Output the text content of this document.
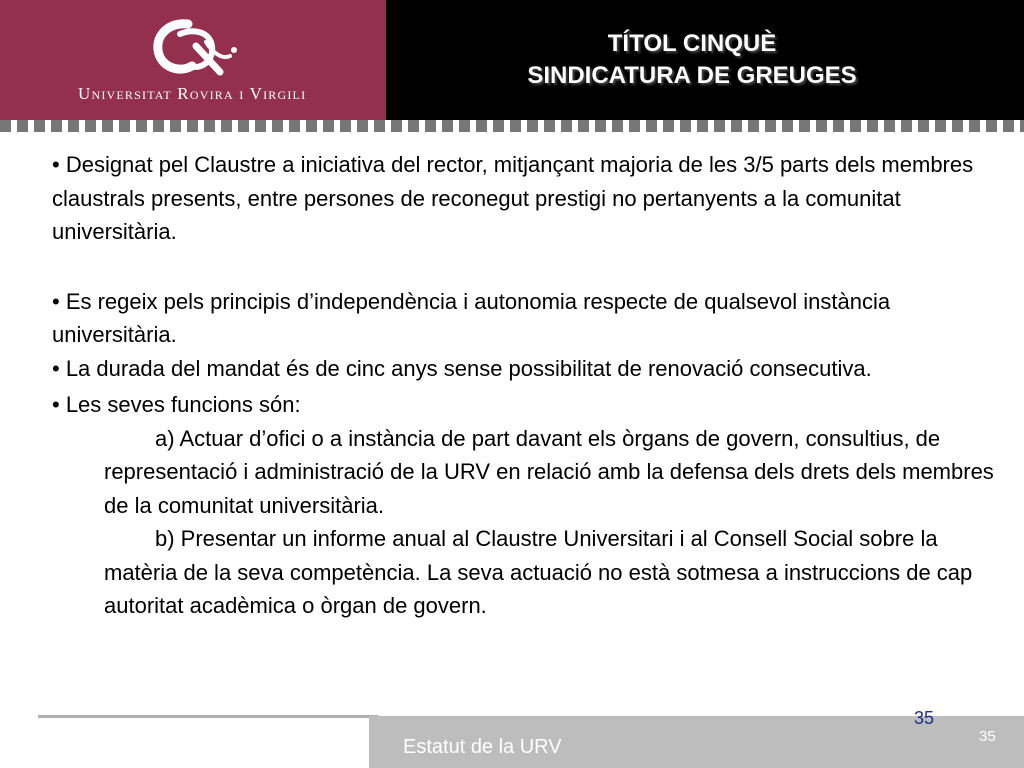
Universitat Rovira i Virgili
TÍTOL CINQUÈ
SINDICATURA DE GREUGES

• Designat pel Claustre a iniciativa del rector, mitjançant majoria de les 3/5 parts dels membres claustrals presents, entre persones de reconegut prestigi no pertanyents a la comunitat universitària.

• Es regeix pels principis d’independència i autonomia respecte de qualsevol instància universitària.

• La durada del mandat és de cinc anys sense possibilitat de renovació consecutiva.

• Les seves funcions són:

a) Actuar d’ofici o a instància de part davant els òrgans de govern, consultius, de representació i administració de la URV en relació amb la defensa dels drets dels membres de la comunitat universitària.

b) Presentar un informe anual al Claustre Universitari i al Consell Social sobre la matèria de la seva competència. La seva actuació no està sotmesa a instruccions de cap autoritat acadèmica o òrgan de govern.

Estatut de la URV
35
35
